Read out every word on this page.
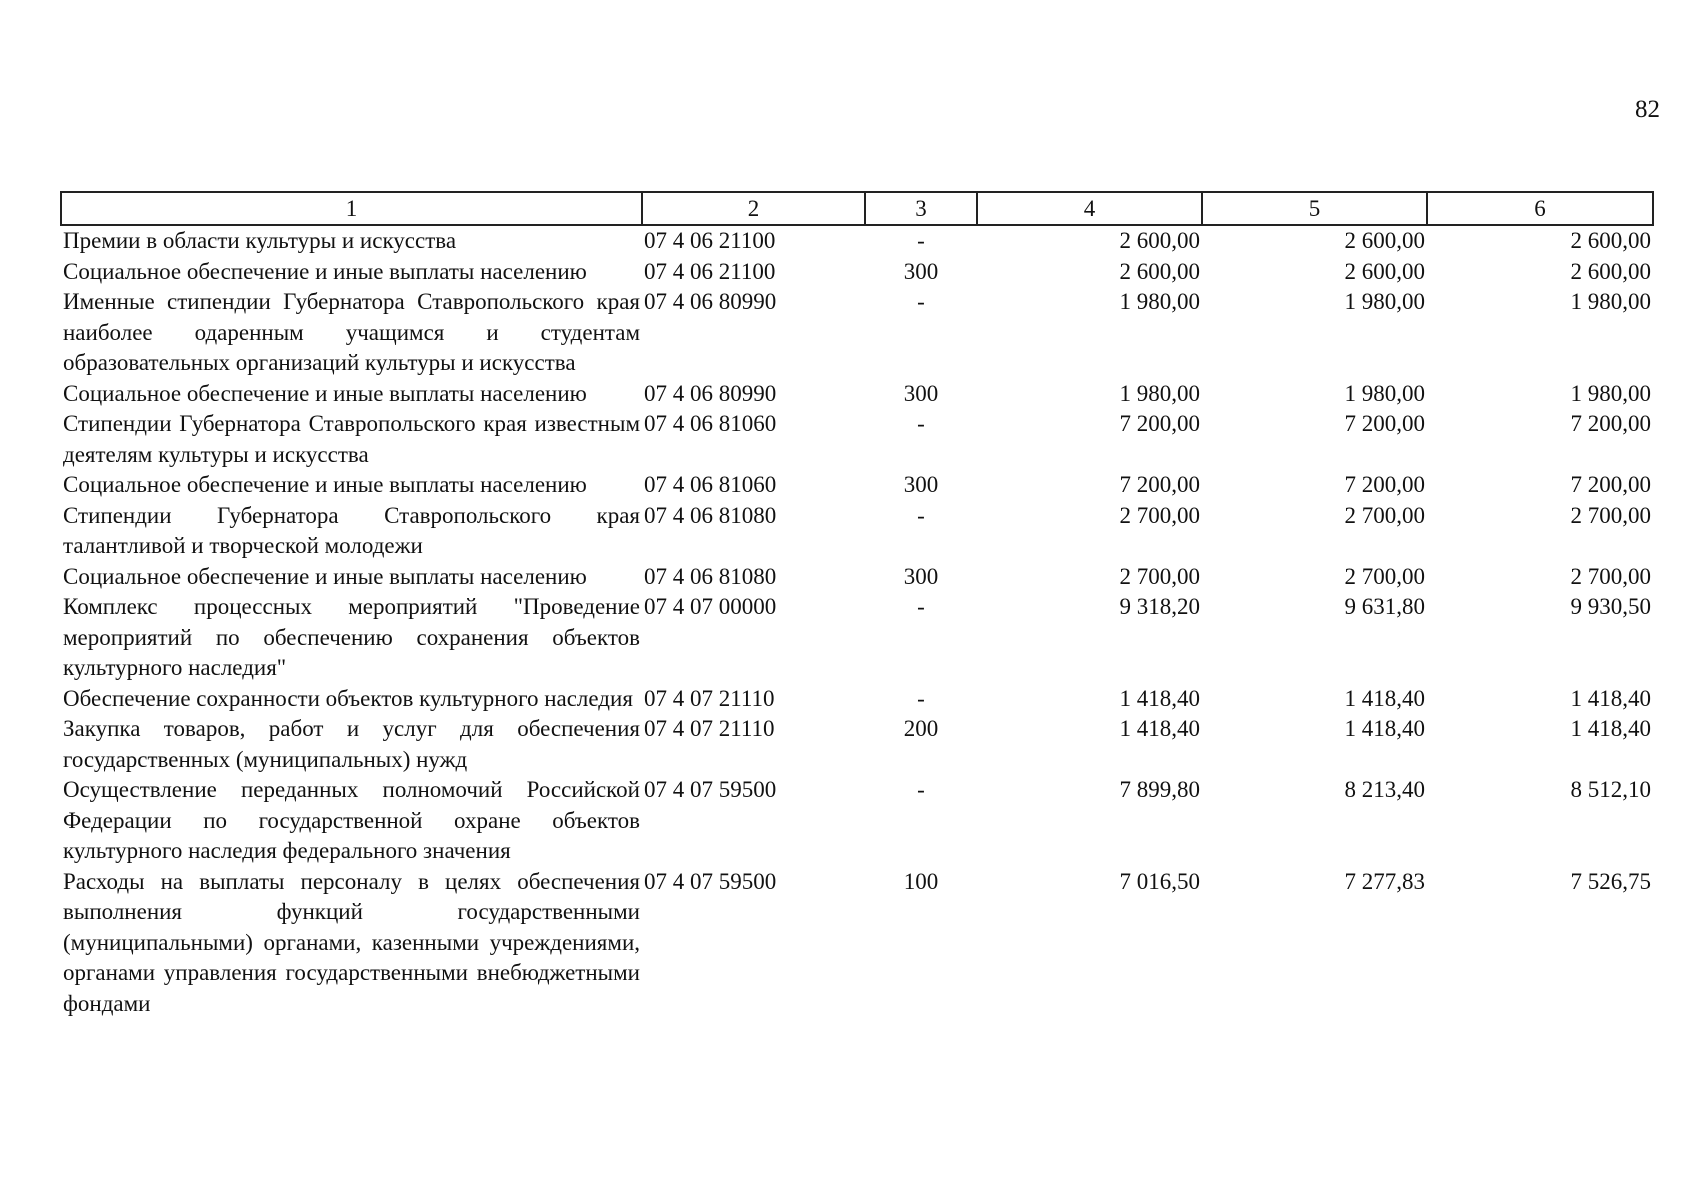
82
1	2	3	4	5	6
Премии в области культуры и искусства	07 4 06 21100	-	2 600,00	2 600,00	2 600,00
Социальное обеспечение и иные выплаты населению	07 4 06 21100	300	2 600,00	2 600,00	2 600,00
Именные стипендии Губернатора Ставропольского края наиболее одаренным учащимся и студентам образовательных организаций культуры и искусства	07 4 06 80990	-	1 980,00	1 980,00	1 980,00
Социальное обеспечение и иные выплаты населению	07 4 06 80990	300	1 980,00	1 980,00	1 980,00
Стипендии Губернатора Ставропольского края известным деятелям культуры и искусства	07 4 06 81060	-	7 200,00	7 200,00	7 200,00
Социальное обеспечение и иные выплаты населению	07 4 06 81060	300	7 200,00	7 200,00	7 200,00
Стипендии Губернатора Ставропольского края талантливой и творческой молодежи	07 4 06 81080	-	2 700,00	2 700,00	2 700,00
Социальное обеспечение и иные выплаты населению	07 4 06 81080	300	2 700,00	2 700,00	2 700,00
Комплекс процессных мероприятий "Проведение мероприятий по обеспечению сохранения объектов культурного наследия"	07 4 07 00000	-	9 318,20	9 631,80	9 930,50
Обеспечение сохранности объектов культурного наследия	07 4 07 21110	-	1 418,40	1 418,40	1 418,40
Закупка товаров, работ и услуг для обеспечения государственных (муниципальных) нужд	07 4 07 21110	200	1 418,40	1 418,40	1 418,40
Осуществление переданных полномочий Российской Федерации по государственной охране объектов культурного наследия федерального значения	07 4 07 59500	-	7 899,80	8 213,40	8 512,10
Расходы на выплаты персоналу в целях обеспечения выполнения функций государственными (муниципальными) органами, казенными учреждениями, органами управления государственными внебюджетными фондами	07 4 07 59500	100	7 016,50	7 277,83	7 526,75
